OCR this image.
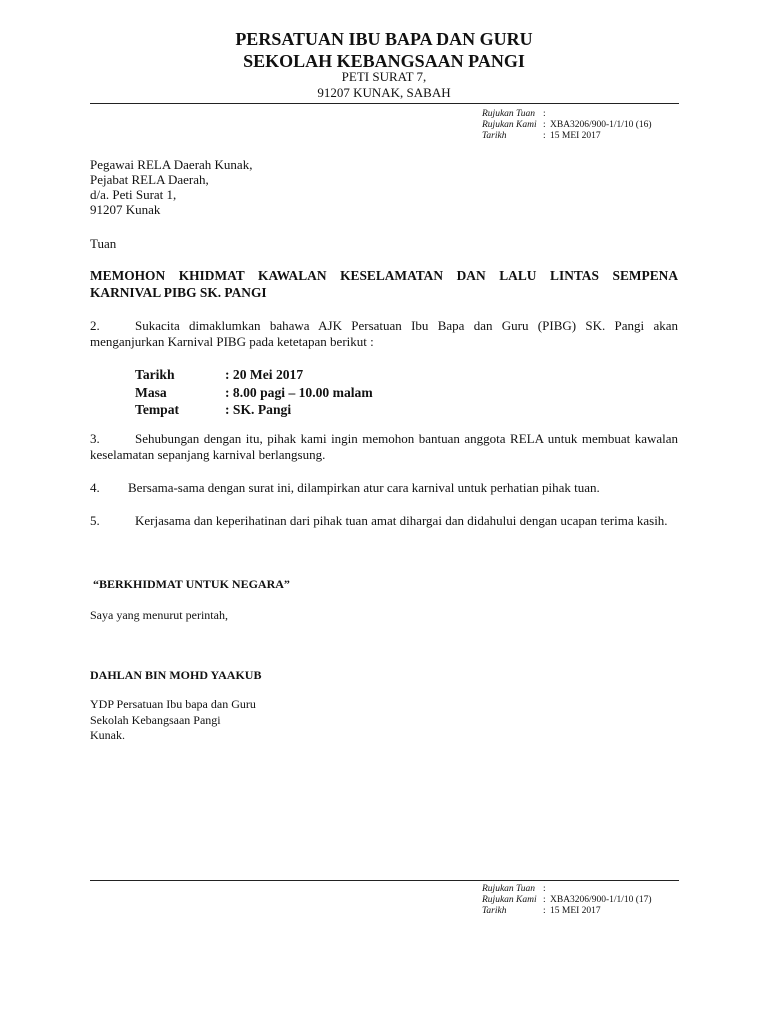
PERSATUAN IBU BAPA DAN GURU
SEKOLAH KEBANGSAAN PANGI
PETI SURAT 7,
91207 KUNAK, SABAH
Rujukan Tuan :
Rujukan Kami : XBA3206/900-1/1/10 (16)
Tarikh	: 15 MEI 2017
Pegawai RELA Daerah Kunak,
Pejabat RELA Daerah,
d/a. Peti Surat 1,
91207 Kunak
Tuan
MEMOHON KHIDMAT KAWALAN KESELAMATAN DAN LALU LINTAS SEMPENA KARNIVAL PIBG SK. PANGI
2.	Sukacita dimaklumkan bahawa AJK Persatuan Ibu Bapa dan Guru (PIBG) SK. Pangi akan menganjurkan Karnival PIBG pada ketetapan berikut :
Tarikh	: 20 Mei 2017
Masa	: 8.00 pagi – 10.00 malam
Tempat	: SK. Pangi
3.	Sehubungan dengan itu, pihak kami ingin memohon bantuan anggota RELA untuk membuat kawalan keselamatan sepanjang karnival berlangsung.
4. Bersama-sama dengan surat ini, dilampirkan atur cara karnival untuk perhatian pihak tuan.
5.	Kerjasama dan keperihatinan dari pihak tuan amat dihargai dan didahului dengan ucapan terima kasih.
“BERKHIDMAT UNTUK NEGARA”
Saya yang menurut perintah,
DAHLAN BIN MOHD YAAKUB
YDP Persatuan Ibu bapa dan Guru
Sekolah Kebangsaan Pangi
Kunak.
Rujukan Tuan :
Rujukan Kami : XBA3206/900-1/1/10 (17)
Tarikh	: 15 MEI 2017
